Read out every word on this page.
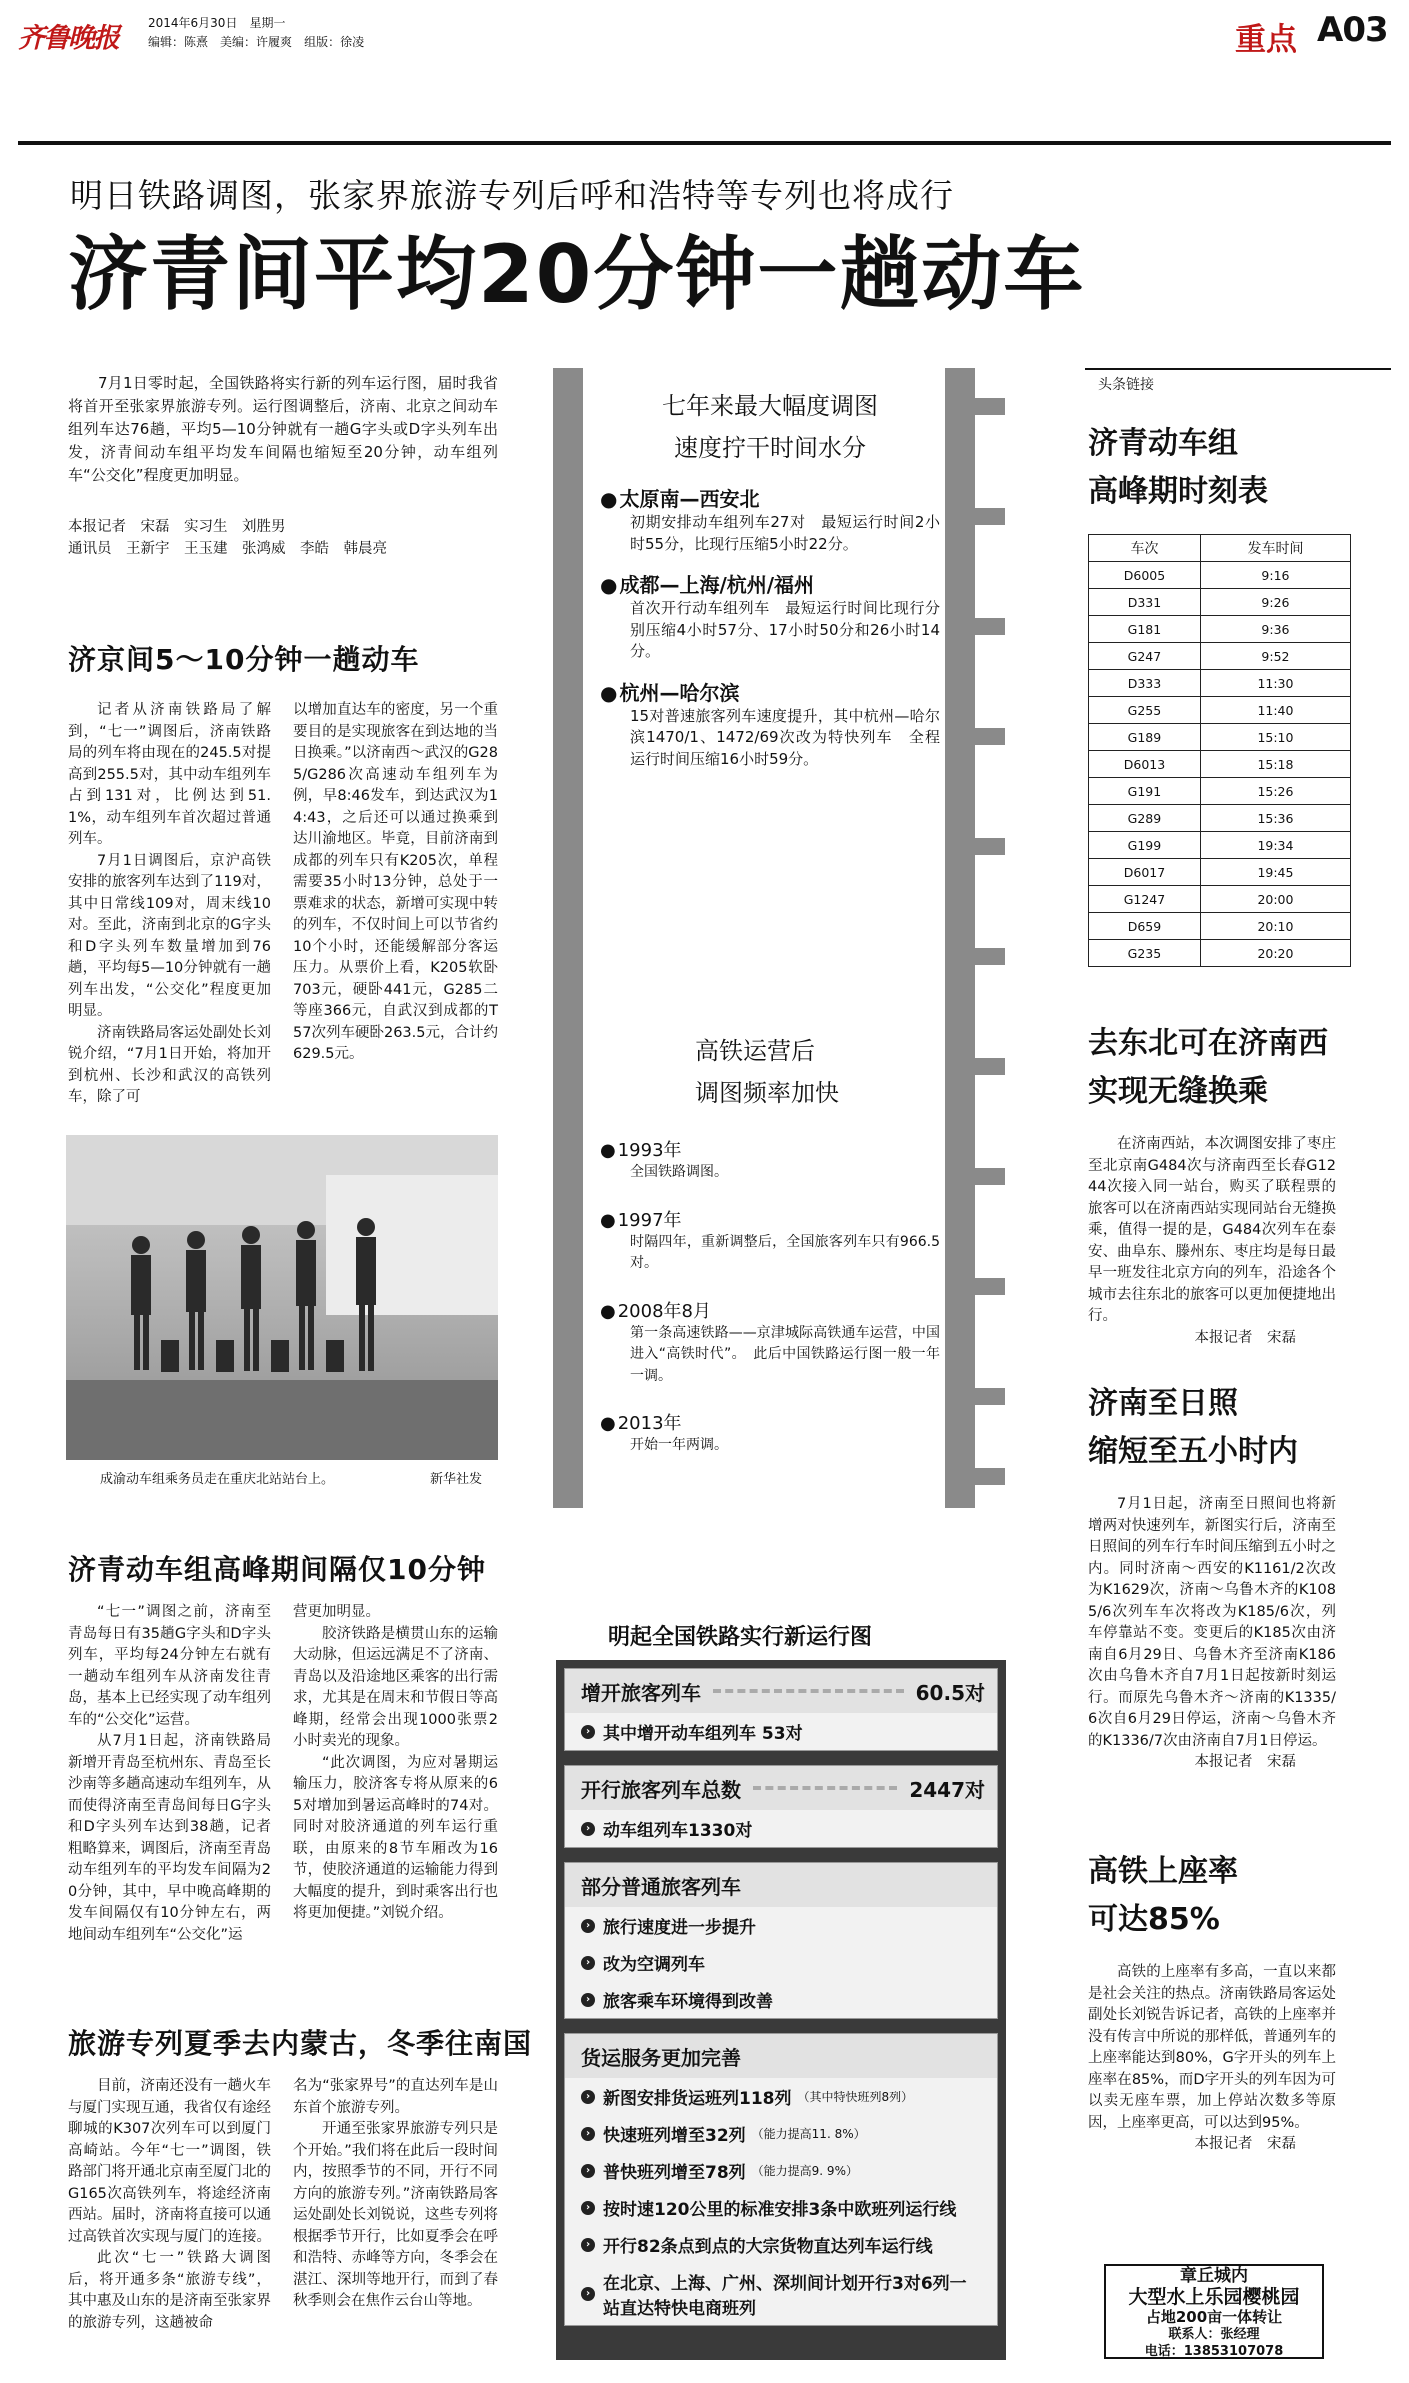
齐鲁晚报	2014年6月30日　 星期一
编辑：陈熹　 美编：许履爽　 组版：徐凌	重点 A03
明日铁路调图，张家界旅游专列后呼和浩特等专列也将成行
济青间平均20分钟一趟动车
7月1日零时起，全国铁路将实行新的列车运行图，届时我省将首开至张家界旅游专列。运行图调整后，济南、北京之间动车组列车达76趟，平均5—10分钟就有一趟G字头或D字头列车出发，济青间动车组平均发车间隔也缩短至20分钟，动车组列车“公交化”程度更加明显。
本报记者　宋磊　实习生　刘胜男
通讯员　王新宇　王玉建　张鸿威　李皓　韩晨亮
济京间5～10分钟一趟动车

记者从济南铁路局了解到，“七一”调图后，济南铁路局的列车将由现在的245.5对提高到255.5对，其中动车组列车占到131对，比例达到51.1%，动车组列车首次超过普通列车。

7月1日调图后，京沪高铁安排的旅客列车达到了119对，其中日常线109对，周末线10对。至此，济南到北京的G字头和D字头列车数量增加到76趟，平均每5—10分钟就有一趟列车出发，“公交化”程度更加明显。

济南铁路局客运处副处长刘锐介绍，“7月1日开始，将加开到杭州、长沙和武汉的高铁列车，除了可

以增加直达车的密度，另一个重要目的是实现旅客在到达地的当日换乘。”以济南西～武汉的G285/G286次高速动车组列车为例，早8:46发车，到达武汉为14:43，之后还可以通过换乘到达川渝地区。毕竟，目前济南到成都的列车只有K205次，单程需要35小时13分钟，总处于一票难求的状态，新增可实现中转的列车，不仅时间上可以节省约10个小时，还能缓解部分客运压力。从票价上看，K205软卧703元，硬卧441元，G285二等座366元，自武汉到成都的T57次列车硬卧263.5元，合计约629.5元。

成渝动车组乘务员走在重庆北站站台上。	新华社发
济青动车组高峰期间隔仅10分钟

“七一”调图之前，济南至青岛每日有35趟G字头和D字头列车，平均每24分钟左右就有一趟动车组列车从济南发往青岛，基本上已经实现了动车组列车的“公交化”运营。

从7月1日起，济南铁路局新增开青岛至杭州东、青岛至长沙南等多趟高速动车组列车，从而使得济南至青岛间每日G字头和D字头列车达到38趟，记者粗略算来，调图后，济南至青岛动车组列车的平均发车间隔为20分钟，其中，早中晚高峰期的发车间隔仅有10分钟左右，两地间动车组列车“公交化”运

营更加明显。

胶济铁路是横贯山东的运输大动脉，但运远满足不了济南、青岛以及沿途地区乘客的出行需求，尤其是在周末和节假日等高峰期，经常会出现1000张票2小时卖光的现象。

“此次调图，为应对暑期运输压力，胶济客专将从原来的65对增加到暑运高峰时的74对。同时对胶济通道的列车运行重联，由原来的8节车厢改为16节，使胶济通道的运输能力得到大幅度的提升，到时乘客出行也将更加便捷。”刘锐介绍。

旅游专列夏季去内蒙古，冬季往南国

目前，济南还没有一趟火车与厦门实现互通，我省仅有途经聊城的K307次列车可以到厦门高崎站。今年“七一”调图，铁路部门将开通北京南至厦门北的G165次高铁列车，将途经济南西站。届时，济南将直接可以通过高铁首次实现与厦门的连接。

此次“七一”铁路大调图后，将开通多条“旅游专线”，其中惠及山东的是济南至张家界的旅游专列，这趟被命

名为“张家界号”的直达列车是山东首个旅游专列。

开通至张家界旅游专列只是个开始。”我们将在此后一段时间内，按照季节的不同，开行不同方向的旅游专列。”济南铁路局客运处副处长刘锐说，这些专列将根据季节开行，比如夏季会在呼和浩特、赤峰等方向，冬季会在湛江、深圳等地开行，而到了春秋季则会在焦作云台山等地。

七年来最大幅度调图
速度拧干时间水分
● 太原南—西安北
初期安排动车组列车27对　最短运行时间2小时55分，比现行压缩5小时22分。
● 成都—上海/杭州/福州
首次开行动车组列车　最短运行时间比现行分别压缩4小时57分、17小时50分和26小时14分。
● 杭州—哈尔滨
15对普速旅客列车速度提升，其中杭州—哈尔滨1470/1、1472/69次改为特快列车　全程运行时间压缩16小时59分。
高铁运营后
调图频率加快
● 1993年
全国铁路调图。
● 1997年
时隔四年，重新调整后，全国旅客列车只有966.5对。
● 2008年8月
第一条高速铁路——京津城际高铁通车运营，中国进入“高铁时代”。　此后中国铁路运行图一般一年一调。
● 2013年
开始一年两调。
明起全国铁路实行新运行图
增开旅客列车	60.5对
› 其中增开动车组列车 53对
开行旅客列车总数	2447对
› 动车组列车1330对
部分普通旅客列车
› 旅行速度进一步提升
› 改为空调列车
› 旅客乘车环境得到改善
货运服务更加完善
› 新图安排货运班列118列 （其中特快班列8列）
› 快速班列增至32列 （能力提高11. 8%）
› 普快班列增至78列 （能力提高9. 9%）
› 按时速120公里的标准安排3条中欧班列运行线
› 开行82条点到点的大宗货物直达列车运行线
› 在北京、上海、广州、深圳间计划开行3对6列一站直达特快电商班列
头条链接
济青动车组
高峰期时刻表
车次	发车时间
D6005	9:16
D331	9:26
G181	9:36
G247	9:52
D333	11:30
G255	11:40
G189	15:10
D6013	15:18
G191	15:26
G289	15:36
G199	19:34
D6017	19:45
G1247	20:00
D659	20:10
G235	20:20
去东北可在济南西
实现无缝换乘
在济南西站，本次调图安排了枣庄至北京南G484次与济南西至长春G1244次接入同一站台，购买了联程票的旅客可以在济南西站实现同站台无缝换乘，值得一提的是，G484次列车在泰安、曲阜东、滕州东、枣庄均是每日最早一班发往北京方向的列车，沿途各个城市去往东北的旅客可以更加便捷地出行。
本报记者　宋磊
济南至日照
缩短至五小时内
7月1日起，济南至日照间也将新增两对快速列车，新图实行后，济南至日照间的列车行车时间压缩到五小时之内。同时济南～西安的K1161/2次改为K1629次，济南～乌鲁木齐的K1085/6次列车车次将改为K185/6次，列车停靠站不变。变更后的K185次由济南自6月29日、乌鲁木齐至济南K186次由乌鲁木齐自7月1日起按新时刻运行。而原先乌鲁木齐～济南的K1335/6次自6月29日停运，济南～乌鲁木齐的K1336/7次由济南自7月1日停运。
本报记者　宋磊
高铁上座率
可达85%
高铁的上座率有多高，一直以来都是社会关注的热点。济南铁路局客运处副处长刘锐告诉记者，高铁的上座率并没有传言中所说的那样低，普通列车的上座率能达到80%，G字开头的列车上座率在85%，而D字开头的列车因为可以卖无座车票，加上停站次数多等原因，上座率更高，可以达到95%。
本报记者　宋磊
章丘城内
大型水上乐园樱桃园
占地200亩一体转让
联系人：张经理
电话：13853107078
